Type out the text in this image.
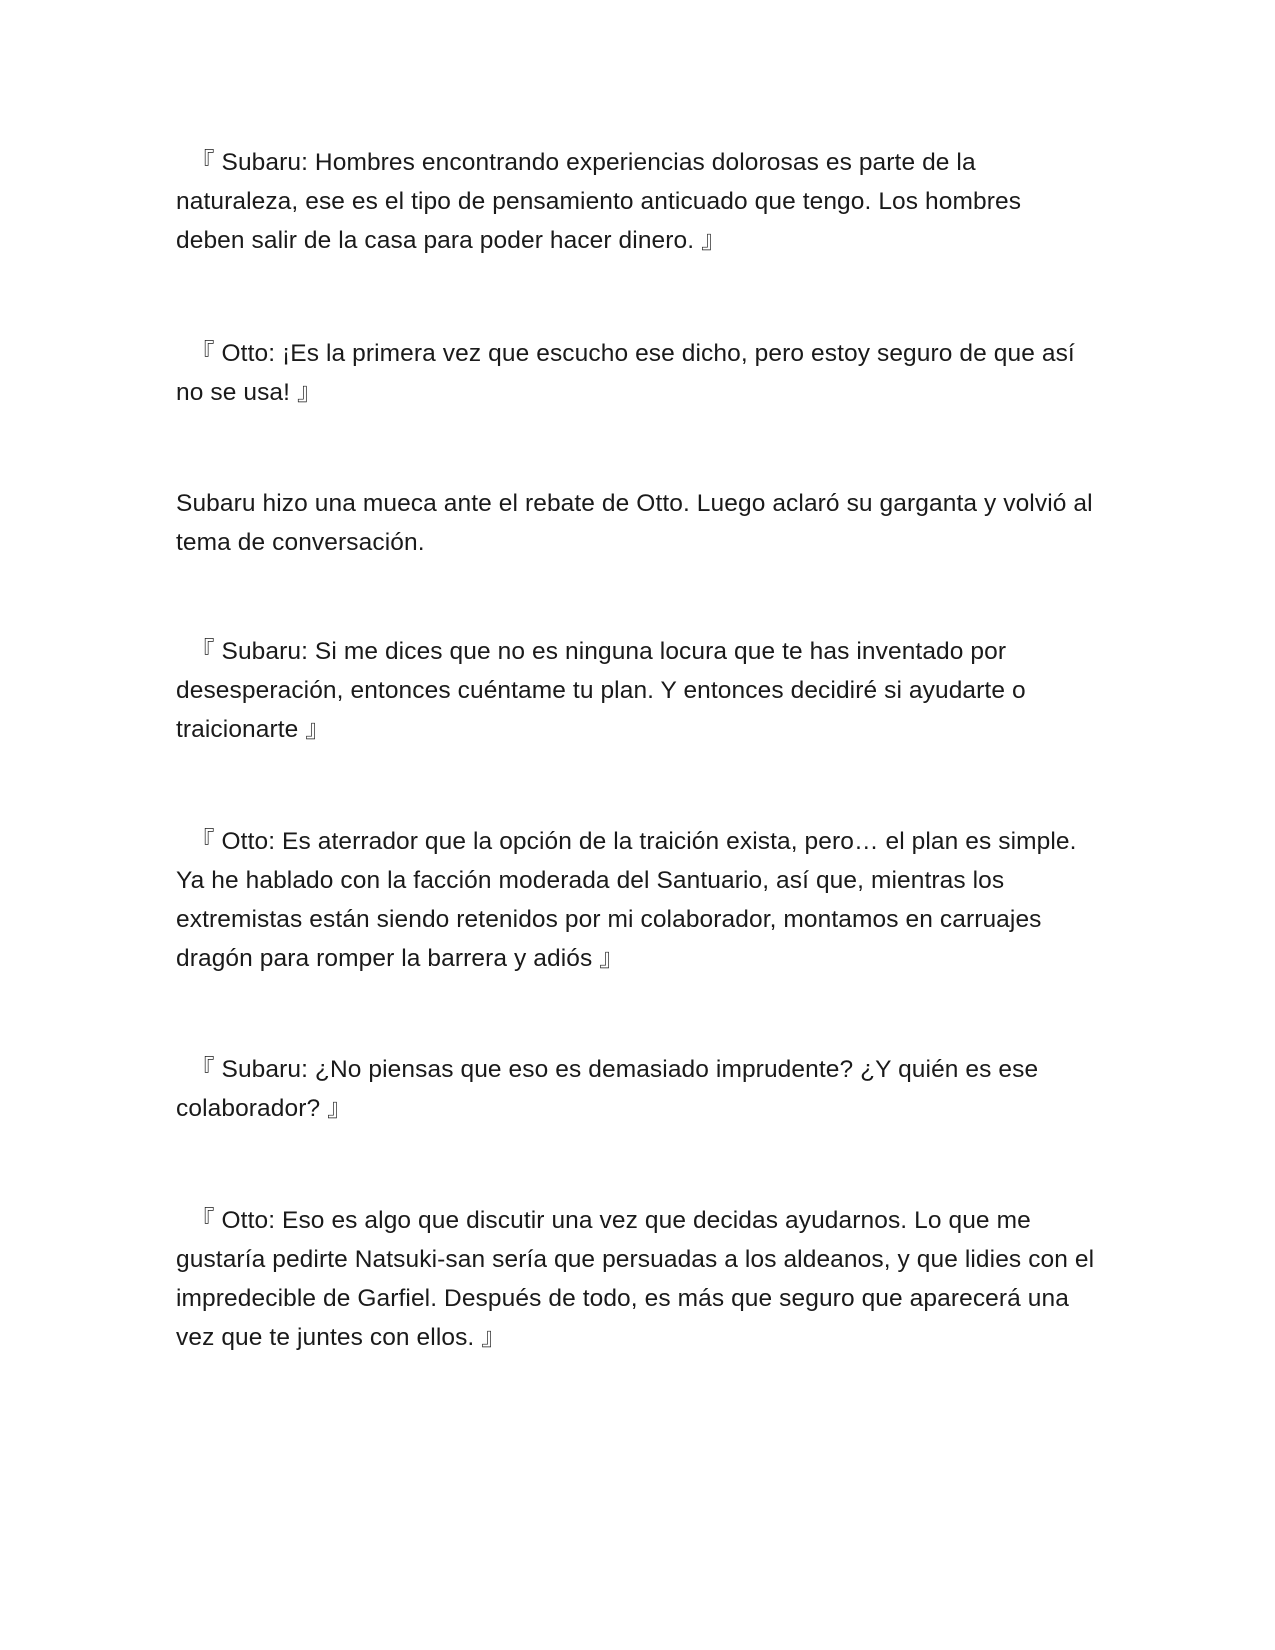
『 Subaru: Hombres encontrando experiencias dolorosas es parte de la naturaleza, ese es el tipo de pensamiento anticuado que tengo. Los hombres deben salir de la casa para poder hacer dinero. 』

『 Otto: ¡Es la primera vez que escucho ese dicho, pero estoy seguro de que así no se usa! 』

Subaru hizo una mueca ante el rebate de Otto. Luego aclaró su garganta y volvió al tema de conversación.

『 Subaru: Si me dices que no es ninguna locura que te has inventado por desesperación, entonces cuéntame tu plan. Y entonces decidiré si ayudarte o traicionarte 』

『 Otto: Es aterrador que la opción de la traición exista, pero… el plan es simple. Ya he hablado con la facción moderada del Santuario, así que, mientras los extremistas están siendo retenidos por mi colaborador, montamos en carruajes dragón para romper la barrera y adiós 』

『 Subaru: ¿No piensas que eso es demasiado imprudente? ¿Y quién es ese colaborador? 』

『 Otto: Eso es algo que discutir una vez que decidas ayudarnos. Lo que me gustaría pedirte Natsuki-san sería que persuadas a los aldeanos, y que lidies con el impredecible de Garfiel. Después de todo, es más que seguro que aparecerá una vez que te juntes con ellos. 』
